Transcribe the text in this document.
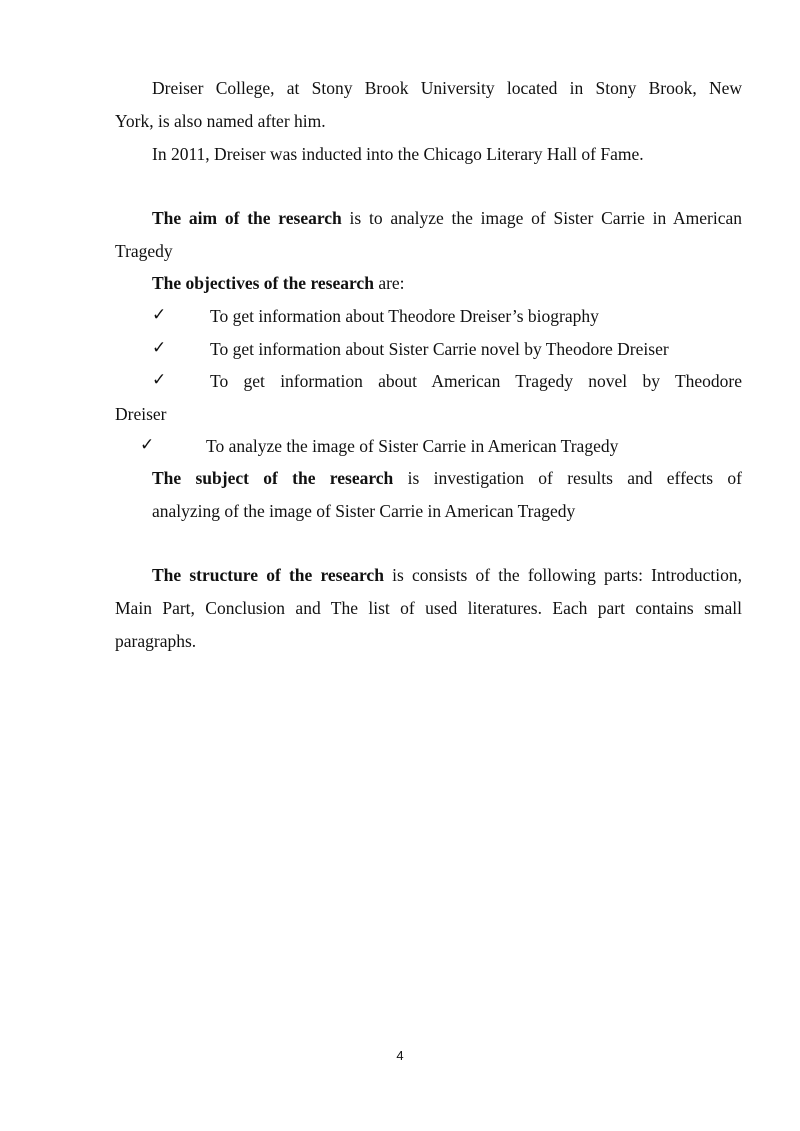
Dreiser College, at Stony Brook University located in Stony Brook, New
York, is also named after him.
In 2011, Dreiser was inducted into the Chicago Literary Hall of Fame.
The aim of the research is to analyze the image of Sister Carrie in American
Tragedy
The objectives of the research are:
✓	To get information about Theodore Dreiser’s biography
✓	To get information about Sister Carrie novel by Theodore Dreiser
✓	To get information about American Tragedy novel by Theodore
Dreiser
✓	To analyze the image of Sister Carrie in American Tragedy
The subject of the research is investigation of results and effects of
analyzing of the image of Sister Carrie in American Tragedy
The structure of the research is consists of the following parts: Introduction,
Main Part, Conclusion and The list of used literatures. Each part contains small
paragraphs.
4
